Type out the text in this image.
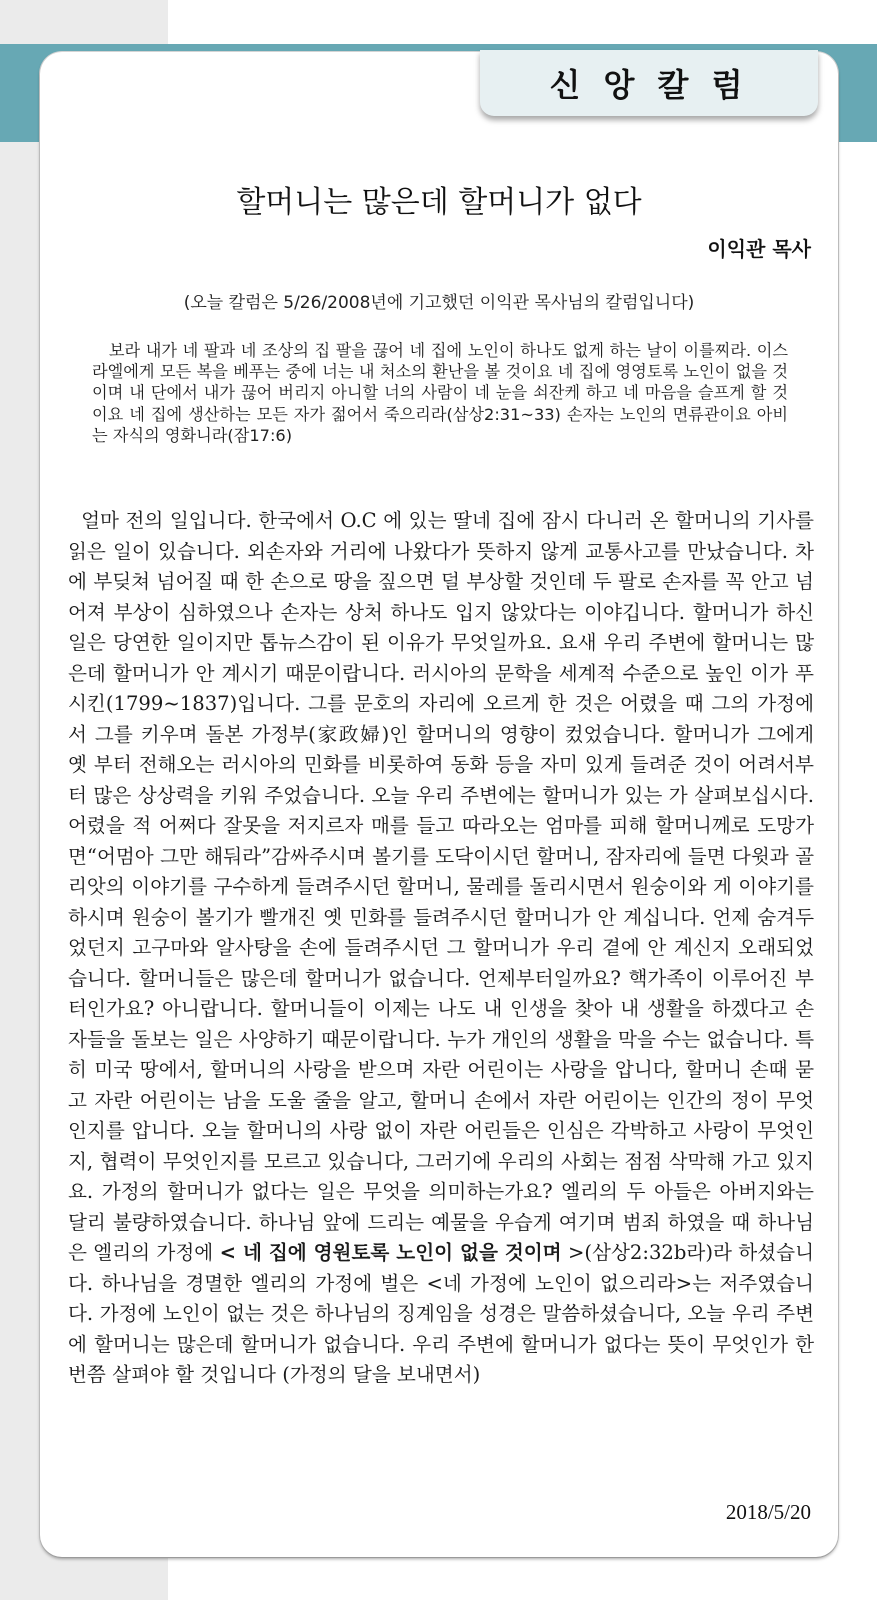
신 앙 칼 럼
할머니는 많은데 할머니가 없다
이익관 목사
(오늘 칼럼은 5/26/2008년에 기고했던 이익관 목사님의 칼럼입니다)
보라 내가 네 팔과 네 조상의 집 팔을 끊어 네 집에 노인이 하나도 없게 하는 날이 이를찌라. 이스라엘에게 모든 복을 베푸는 중에 너는 내 처소의 환난을 볼 것이요 네 집에 영영토록 노인이 없을 것이며 내 단에서 내가 끊어 버리지 아니할 너의 사람이 네 눈을 쇠잔케 하고 네 마음을 슬프게 할 것이요 네 집에 생산하는 모든 자가 젊어서 죽으리라(삼상2:31~33) 손자는 노인의 면류관이요 아비는 자식의 영화니라(잠17:6)
얼마 전의 일입니다. 한국에서 O.C 에 있는 딸네 집에 잠시 다니러 온 할머니의 기사를 읽은 일이 있습니다. 외손자와 거리에 나왔다가 뜻하지 않게 교통사고를 만났습니다. 차에 부딪쳐 넘어질 때 한 손으로 땅을 짚으면 덜 부상할 것인데 두 팔로 손자를 꼭 안고 넘어져 부상이 심하였으나 손자는 상처 하나도 입지 않았다는 이야깁니다. 할머니가 하신일은 당연한 일이지만 톱뉴스감이 된 이유가 무엇일까요. 요새 우리 주변에 할머니는 많은데 할머니가 안 계시기 때문이랍니다. 러시아의 문학을 세계적 수준으로 높인 이가 푸시킨(1799~1837)입니다. 그를 문호의 자리에 오르게 한 것은 어렸을 때 그의 가정에서 그를 키우며 돌본 가정부(家政婦)인 할머니의 영향이 컸었습니다. 할머니가 그에게 옛 부터 전해오는 러시아의 민화를 비롯하여 동화 등을 자미 있게 들려준 것이 어려서부터 많은 상상력을 키워 주었습니다. 오늘 우리 주변에는 할머니가 있는 가 살펴보십시다. 어렸을 적 어쩌다 잘못을 저지르자 매를 들고 따라오는 엄마를 피해 할머니께로 도망가면“어멈아 그만 해둬라”감싸주시며 볼기를 도닥이시던 할머니, 잠자리에 들면 다윗과 골리앗의 이야기를 구수하게 들려주시던 할머니, 물레를 돌리시면서 원숭이와 게 이야기를 하시며 원숭이 볼기가 빨개진 옛 민화를 들려주시던 할머니가 안 계십니다. 언제 숨겨두었던지 고구마와 알사탕을 손에 들려주시던 그 할머니가 우리 곁에 안 계신지 오래되었습니다. 할머니들은 많은데 할머니가 없습니다. 언제부터일까요? 핵가족이 이루어진 부터인가요? 아니랍니다. 할머니들이 이제는 나도 내 인생을 찾아 내 생활을 하겠다고 손자들을 돌보는 일은 사양하기 때문이랍니다. 누가 개인의 생활을 막을 수는 없습니다. 특히 미국 땅에서, 할머니의 사랑을 받으며 자란 어린이는 사랑을 압니다, 할머니 손때 묻고 자란 어린이는 남을 도울 줄을 알고, 할머니 손에서 자란 어린이는 인간의 정이 무엇인지를 압니다. 오늘 할머니의 사랑 없이 자란 어린들은 인심은 각박하고 사랑이 무엇인지, 협력이 무엇인지를 모르고 있습니다, 그러기에 우리의 사회는 점점 삭막해 가고 있지요. 가정의 할머니가 없다는 일은 무엇을 의미하는가요? 엘리의 두 아들은 아버지와는 달리 불량하였습니다. 하나님 앞에 드리는 예물을 우습게 여기며 범죄 하였을 때 하나님은 엘리의 가정에 < 네 집에 영원토록 노인이 없을 것이며 >(삼상2:32b라)라 하셨습니다. 하나님을 경멸한 엘리의 가정에 벌은 <네 가정에 노인이 없으리라>는 저주였습니다. 가정에 노인이 없는 것은 하나님의 징계임을 성경은 말씀하셨습니다, 오늘 우리 주변에 할머니는 많은데 할머니가 없습니다. 우리 주변에 할머니가 없다는 뜻이 무엇인가 한 번쯤 살펴야 할 것입니다 (가정의 달을 보내면서)
2018/5/20
